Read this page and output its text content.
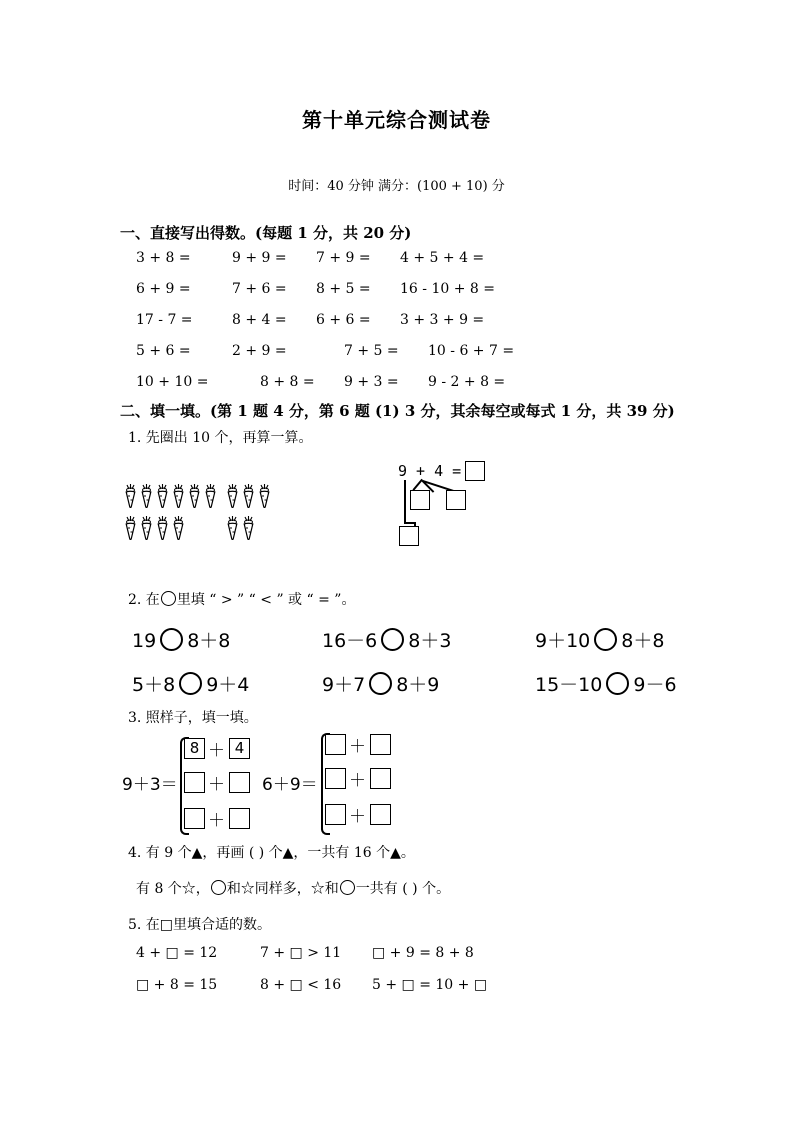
第十单元综合测试卷
时间：40 分钟 满分：(100 + 10) 分
一、直接写出得数。(每题 1 分，共 20 分)
二、填一填。(第 1 题 4 分，第 6 题 (1) 3 分，其余每空或每式 1 分，共 39 分)
1. 先圈出 10 个，再算一算。
9 + 4 =
2. 在 里填 “ > ” “ < ” 或 “ = ”。
3. 照样子，填一填。
9＋3＝	6＋9＝
4. 有 9 个▲，再画 ( ) 个▲，一共有 16 个▲。
有 8 个☆， 和☆同样多，☆和 一共有 ( ) 个。
5. 在□里填合适的数。
3 + 8 =	9 + 9 = 7 + 9 = 4 + 5 + 4 =
6 + 9 =	7 + 6 = 8 + 5 = 16 - 10 + 8 =
17 - 7 =	8 + 4 = 6 + 6 = 3 + 3 + 9 =
5 + 6 =	2 + 9 =	7 + 5 = 10 - 6 + 7 =
10 + 10 =	8 + 8 = 9 + 3 = 9 - 2 + 8 =
19 8＋8	16－6 8＋3	9＋10 8＋8
5＋8 9＋4	9＋7 8＋9	15－10 9－6
8 ＋ 4
＋
＋
＋
＋
＋
4 + □ = 12	7 + □ > 11 □ + 9 = 8 + 8
□ + 8 = 15	8 + □ < 16 5 + □ = 10 + □
